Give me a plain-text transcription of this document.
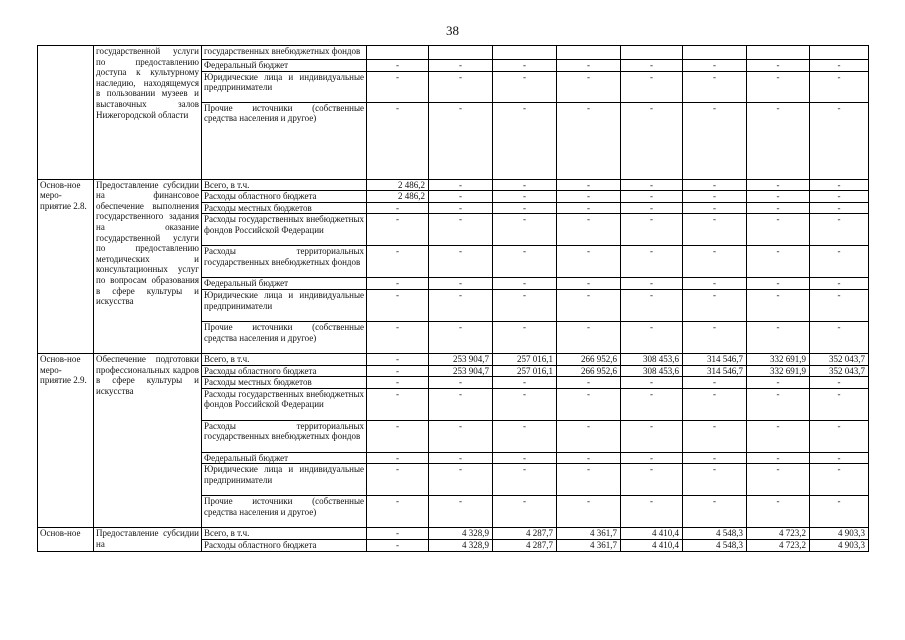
38
	государственной услуги по предоставлению доступа к культурному наследию, находящемуся в пользовании музеев и выставочных залов Нижегородской области	государственных внебюджетных фондов								
		Федеральный бюджет	-	-	-	-	-	-	-	-
		Юридические лица и индивидуальные предприниматели	-	-	-	-	-	-	-	-
		Прочие источники (собственные средства населения и другое)	-	-	-	-	-	-	-	-
Основ-ное меро-приятие 2.8.	Предоставление субсидии на финансовое обеспечение выполнения государственного задания на оказание государственной услуги по предоставлению методических и консультационных услуг по вопросам образования в сфере культуры и искусства	Всего, в т.ч.	2 486,2	-	-	-	-	-	-	-
		Расходы областного бюджета	2 486,2	-	-	-	-	-	-	-
		Расходы местных бюджетов	-	-	-	-	-	-	-	-
		Расходы государственных внебюджетных фондов Российской Федерации	-	-	-	-	-	-	-	-
		Расходы территориальных государственных внебюджетных фондов	-	-	-	-	-	-	-	-
		Федеральный бюджет	-	-	-	-	-	-	-	-
		Юридические лица и индивидуальные предприниматели	-	-	-	-	-	-	-	-
		Прочие источники (собственные средства населения и другое)	-	-	-	-	-	-	-	-
Основ-ное меро-приятие 2.9.	Обеспечение подготовки профессиональных кадров в сфере культуры и искусства	Всего, в т.ч.	-	253 904,7	257 016,1	266 952,6	308 453,6	314 546,7	332 691,9	352 043,7
		Расходы областного бюджета	-	253 904,7	257 016,1	266 952,6	308 453,6	314 546,7	332 691,9	352 043,7
		Расходы местных бюджетов	-	-	-	-	-	-	-	-
		Расходы государственных внебюджетных фондов Российской Федерации	-	-	-	-	-	-	-	-
		Расходы территориальных государственных внебюджетных фондов	-	-	-	-	-	-	-	-
		Федеральный бюджет	-	-	-	-	-	-	-	-
		Юридические лица и индивидуальные предприниматели	-	-	-	-	-	-	-	-
		Прочие источники (собственные средства населения и другое)	-	-	-	-	-	-	-	-
Основ-ное	Предоставление субсидии на	Всего, в т.ч.	-	4 328,9	4 287,7	4 361,7	4 410,4	4 548,3	4 723,2	4 903,3
		Расходы областного бюджета	-	4 328,9	4 287,7	4 361,7	4 410,4	4 548,3	4 723,2	4 903,3
